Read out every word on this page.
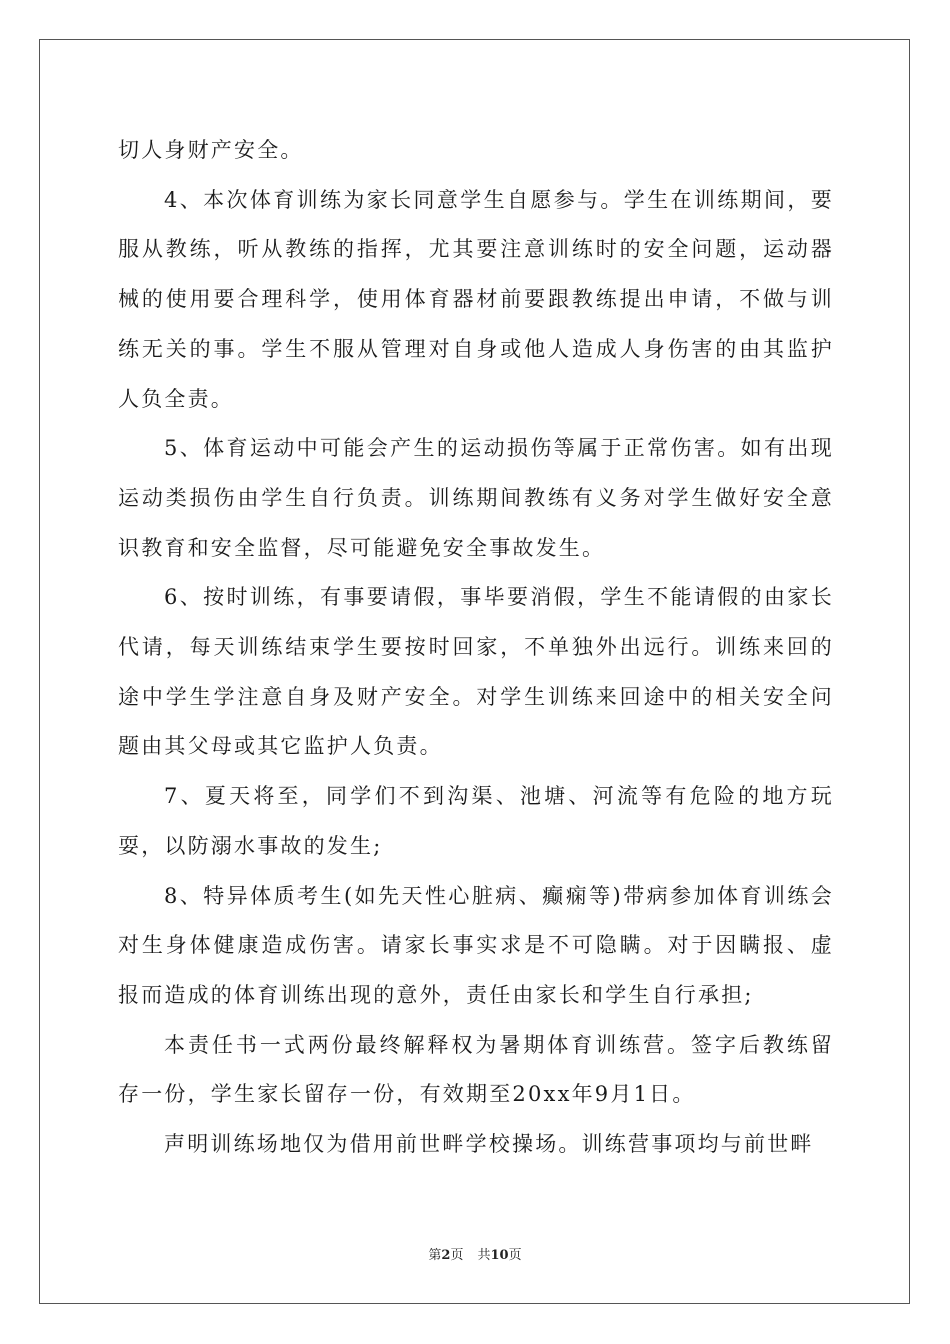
切人身财产安全。

4、本次体育训练为家长同意学生自愿参与。学生在训练期间，要服从教练，听从教练的指挥，尤其要注意训练时的安全问题，运动器械的使用要合理科学，使用体育器材前要跟教练提出申请，不做与训练无关的事。学生不服从管理对自身或他人造成人身伤害的由其监护人负全责。

5、体育运动中可能会产生的运动损伤等属于正常伤害。如有出现运动类损伤由学生自行负责。训练期间教练有义务对学生做好安全意识教育和安全监督，尽可能避免安全事故发生。

6、按时训练，有事要请假，事毕要消假，学生不能请假的由家长代请，每天训练结束学生要按时回家，不单独外出远行。训练来回的途中学生学注意自身及财产安全。对学生训练来回途中的相关安全问题由其父母或其它监护人负责。

7、夏天将至，同学们不到沟渠、池塘、河流等有危险的地方玩耍，以防溺水事故的发生;

8、特异体质考生(如先天性心脏病、癫痫等)带病参加体育训练会对生身体健康造成伤害。请家长事实求是不可隐瞒。对于因瞒报、虚报而造成的体育训练出现的意外，责任由家长和学生自行承担;

本责任书一式两份最终解释权为暑期体育训练营。签字后教练留存一份，学生家长留存一份，有效期至20xx年9月1日。

声明训练场地仅为借用前世畔学校操场。训练营事项均与前世畔

第2页 共10页
